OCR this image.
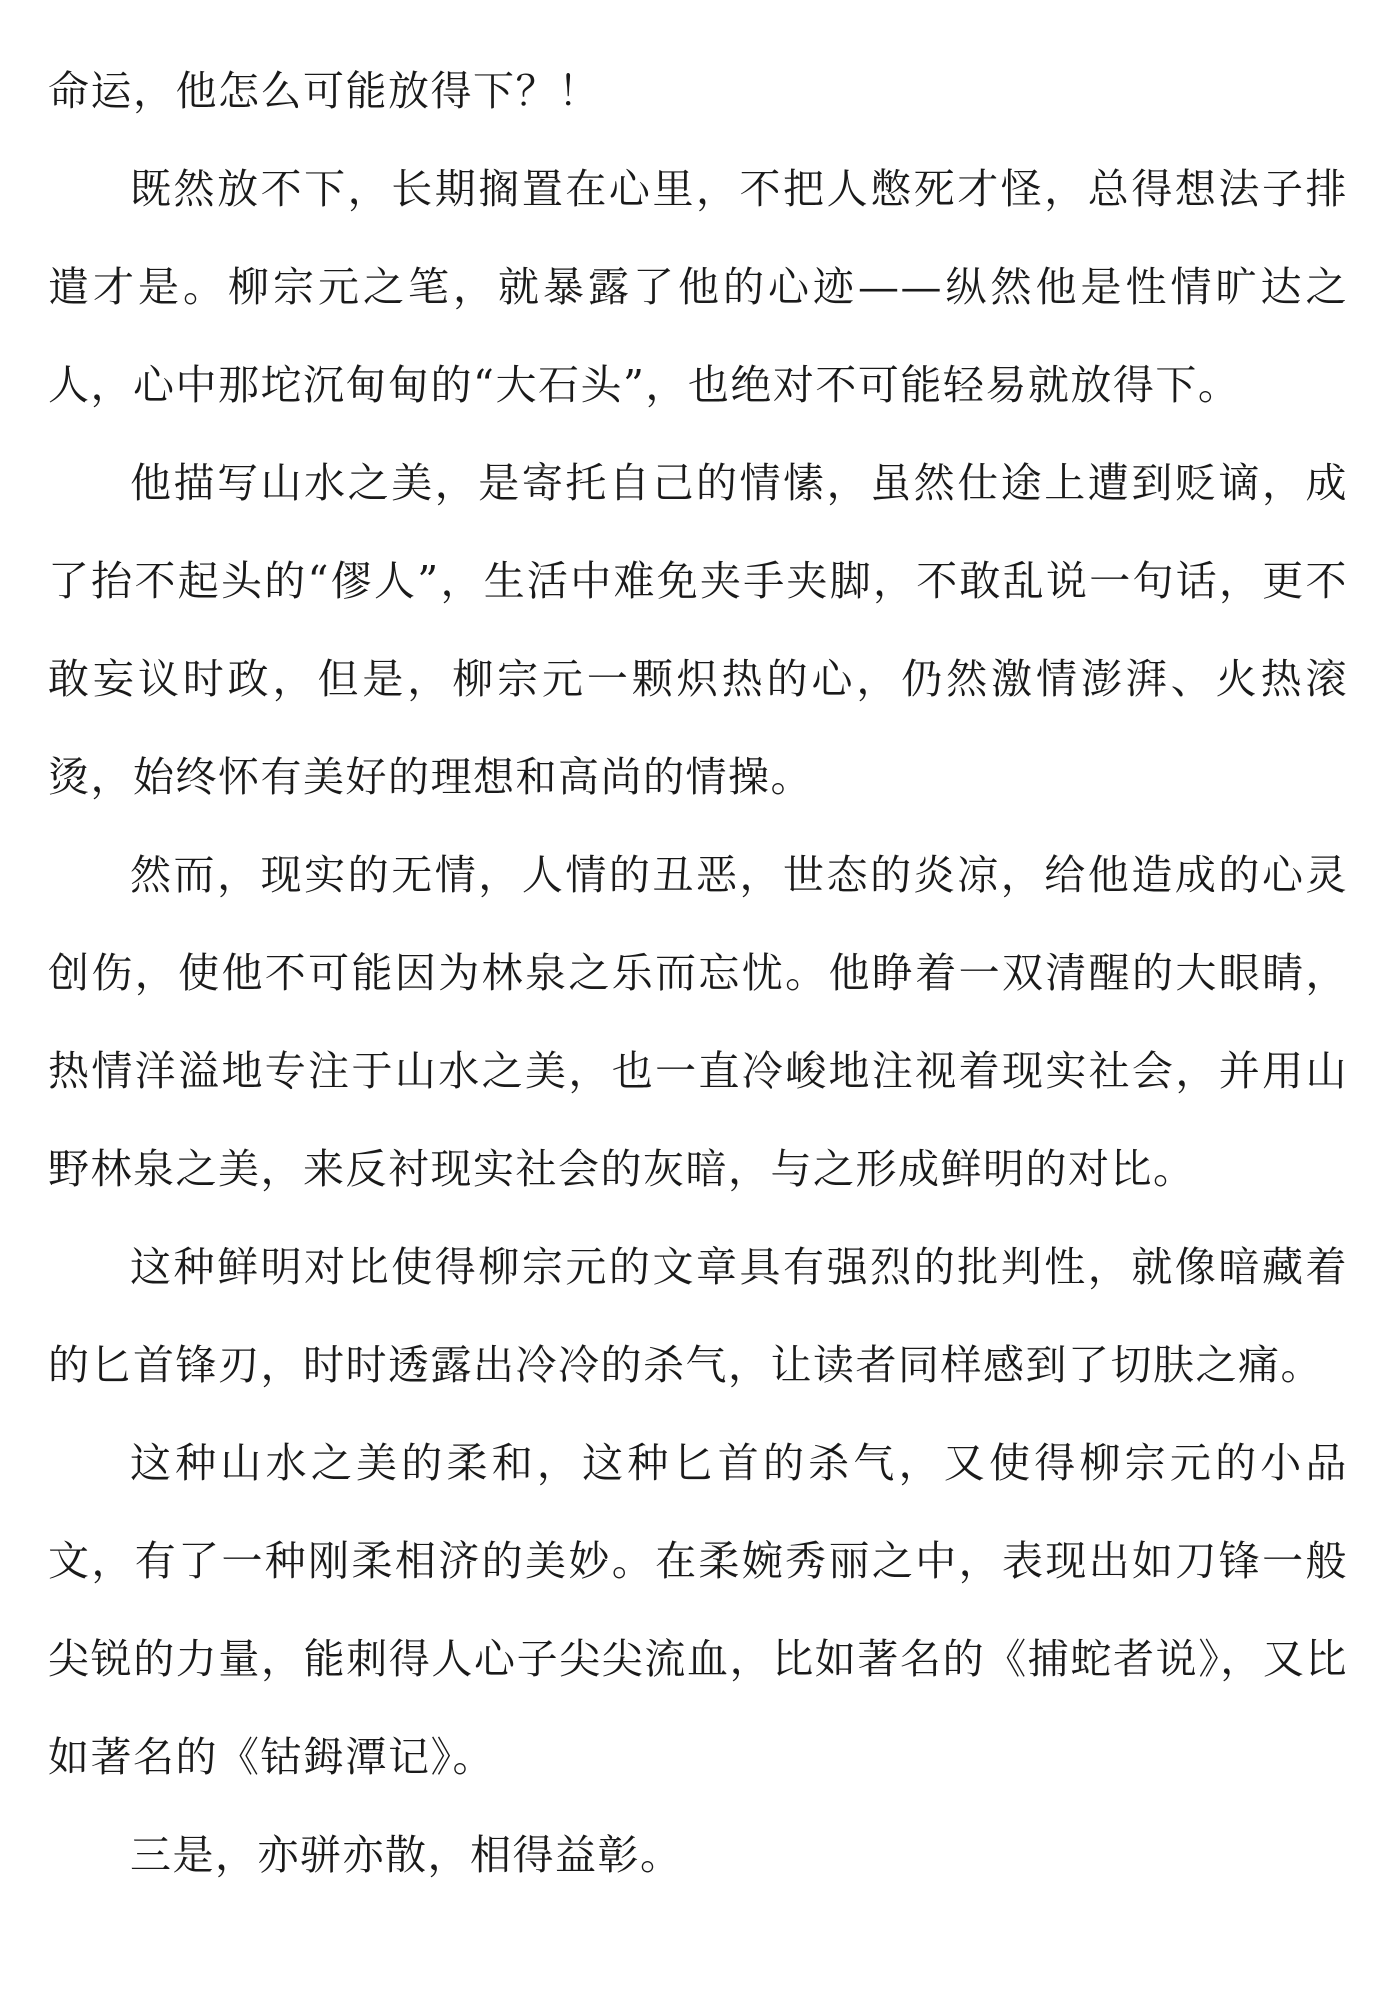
命运，他怎么可能放得下？！

既然放不下，长期搁置在心里，不把人憋死才怪，总得想法子排遣才是。柳宗元之笔，就暴露了他的心迹——纵然他是性情旷达之人，心中那坨沉甸甸的“大石头”，也绝对不可能轻易就放得下。

他描写山水之美，是寄托自己的情愫，虽然仕途上遭到贬谪，成了抬不起头的“僇人”，生活中难免夹手夹脚，不敢乱说一句话，更不敢妄议时政，但是，柳宗元一颗炽热的心，仍然激情澎湃、火热滚烫，始终怀有美好的理想和高尚的情操。

然而，现实的无情，人情的丑恶，世态的炎凉，给他造成的心灵创伤，使他不可能因为林泉之乐而忘忧。他睁着一双清醒的大眼睛，热情洋溢地专注于山水之美，也一直冷峻地注视着现实社会，并用山野林泉之美，来反衬现实社会的灰暗，与之形成鲜明的对比。

这种鲜明对比使得柳宗元的文章具有强烈的批判性，就像暗藏着的匕首锋刃，时时透露出冷冷的杀气，让读者同样感到了切肤之痛。

这种山水之美的柔和，这种匕首的杀气，又使得柳宗元的小品文，有了一种刚柔相济的美妙。在柔婉秀丽之中，表现出如刀锋一般尖锐的力量，能刺得人心子尖尖流血，比如著名的《捕蛇者说》，又比如著名的《钴鉧潭记》。

三是，亦骈亦散，相得益彰。
